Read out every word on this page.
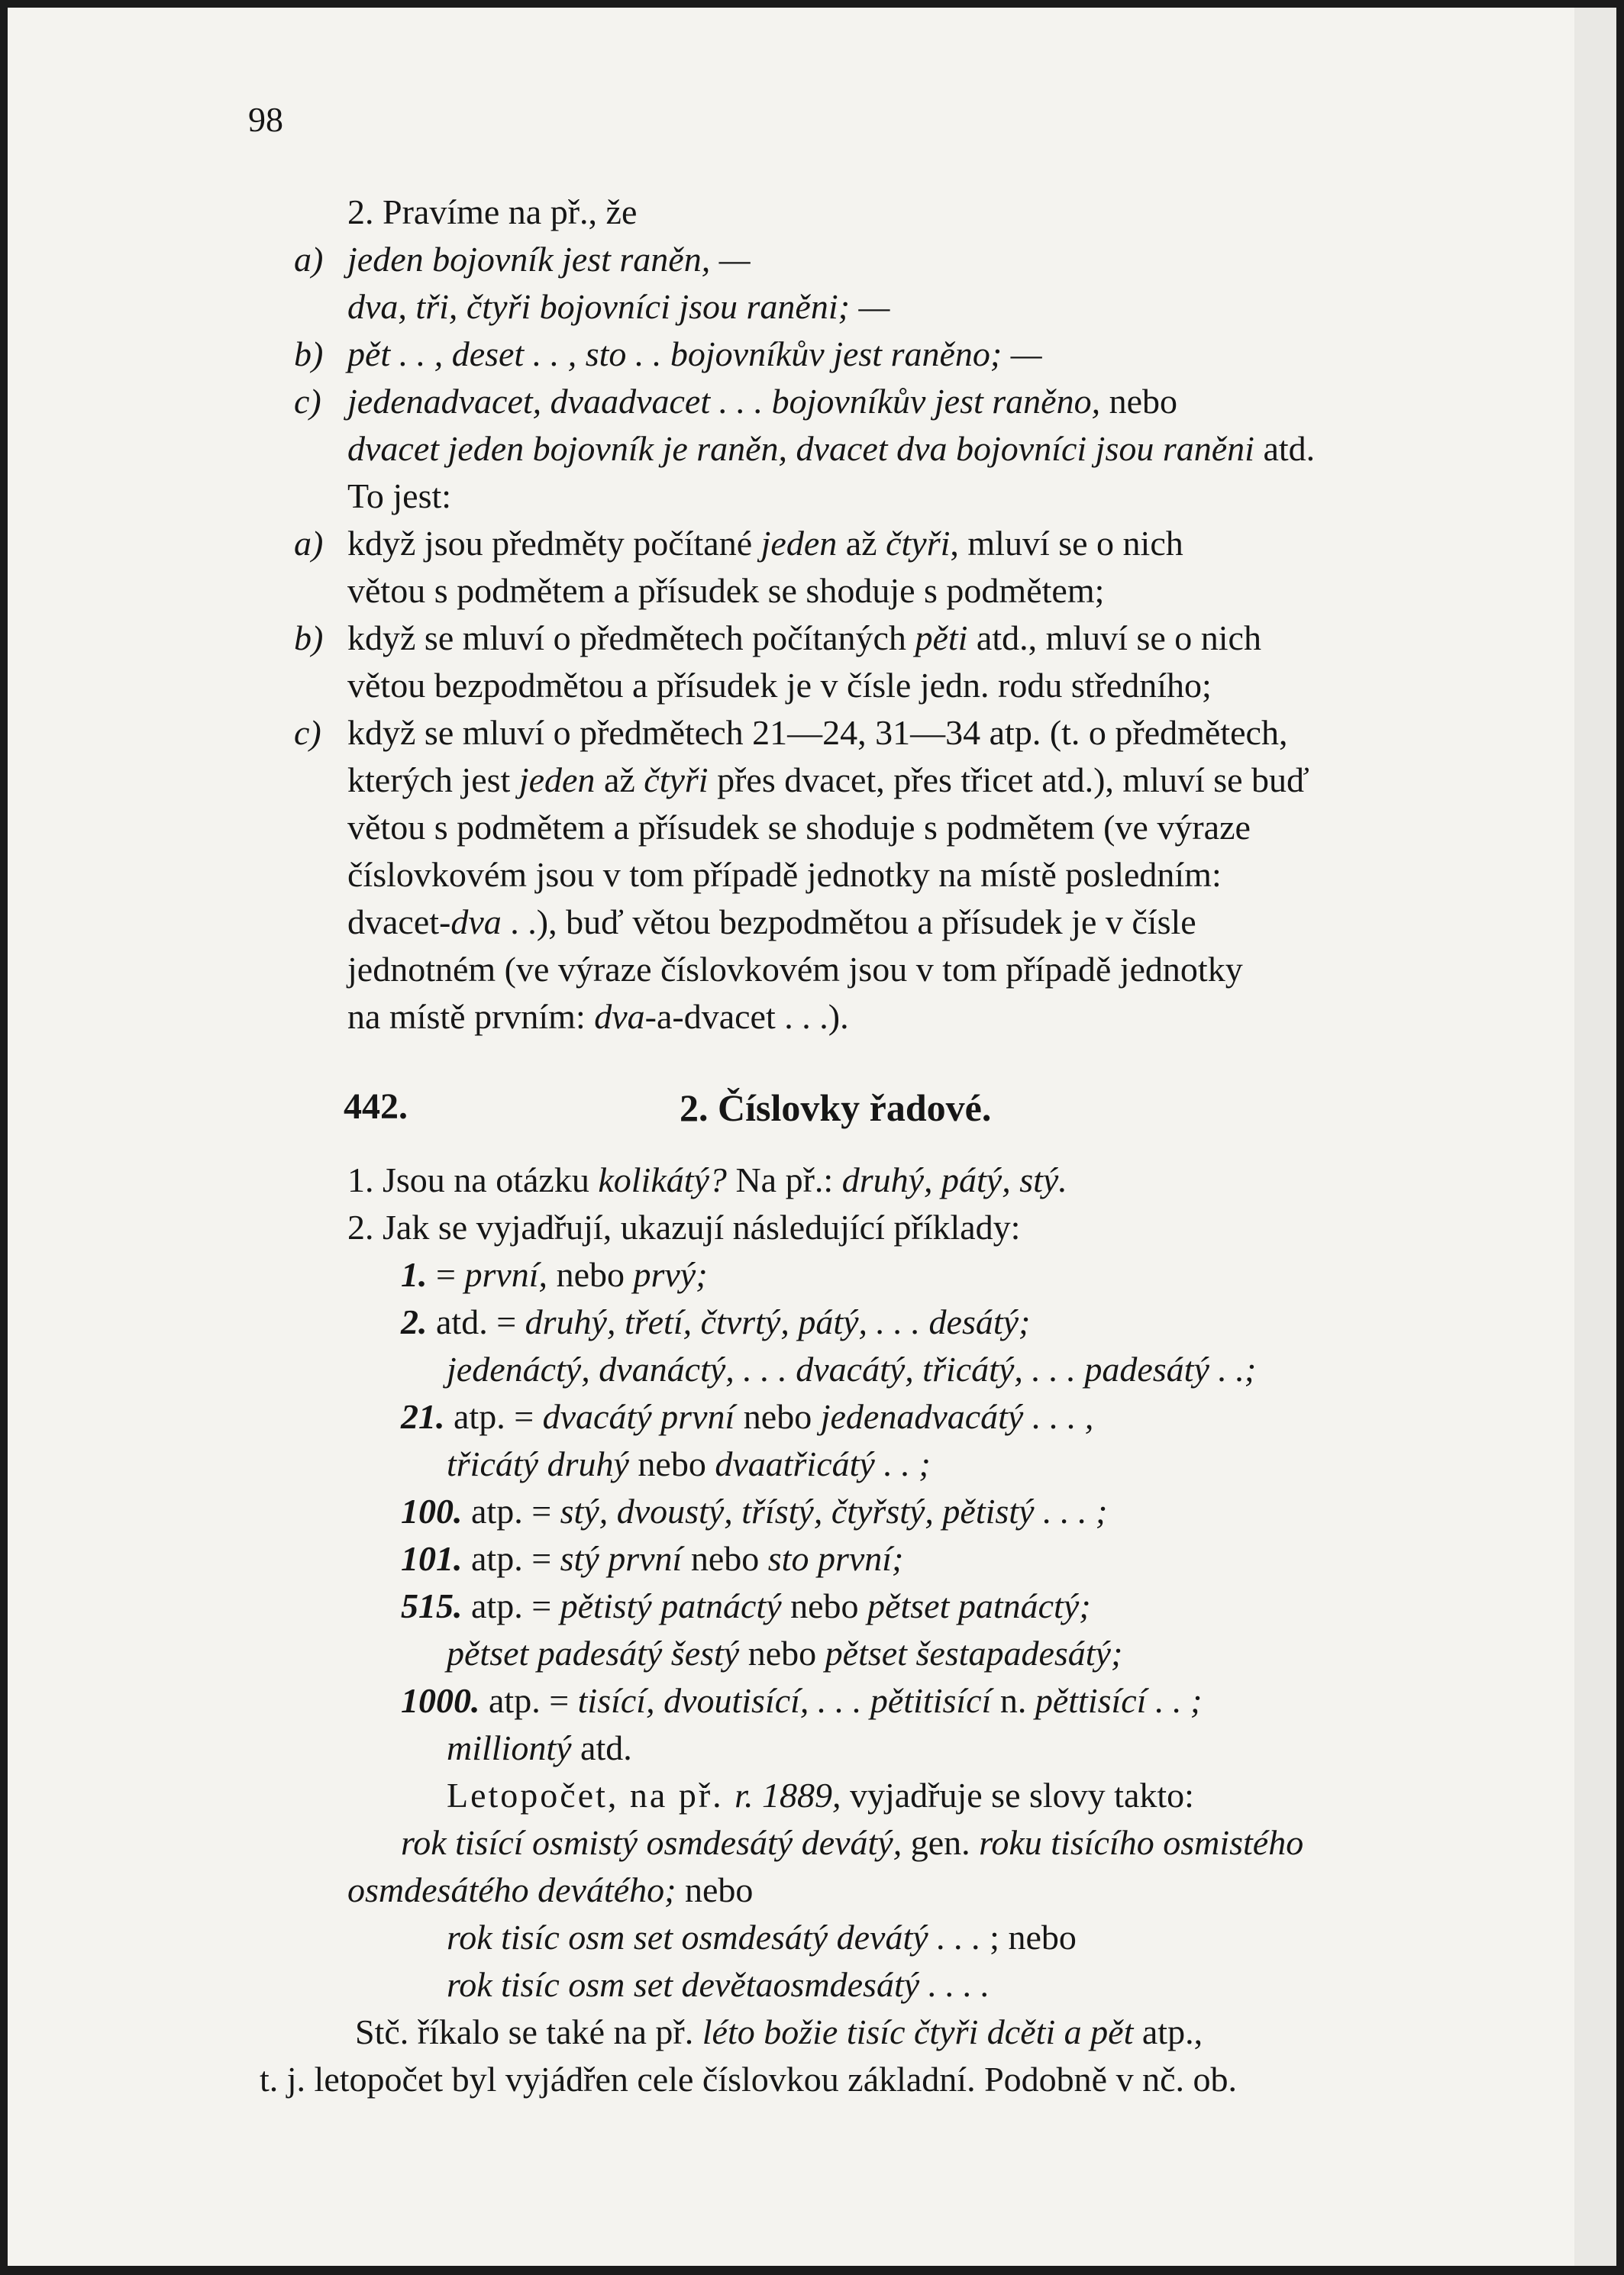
98
2. Pravíme na př., že
a) jeden bojovník jest raněn, —
dva, tři, čtyři bojovníci jsou raněni; —
b) pět . . , deset . . , sto . . bojovníkův jest raněno; —
c) jedenadvacet, dvaadvacet . . . bojovníkův jest raněno, nebo
dvacet jeden bojovník je raněn, dvacet dva bojovníci jsou raněni atd.
To jest:
a) když jsou předměty počítané jeden až čtyři, mluví se o nich
větou s podmětem a přísudek se shoduje s podmětem;
b) když se mluví o předmětech počítaných pěti atd., mluví se o nich
větou bezpodmětou a přísudek je v čísle jedn. rodu středního;
c) když se mluví o předmětech 21—24, 31—34 atp. (t. o předmětech,
kterých jest jeden až čtyři přes dvacet, přes třicet atd.), mluví se buď
větou s podmětem a přísudek se shoduje s podmětem (ve výraze
číslovkovém jsou v tom případě jednotky na místě posledním:
dvacet-dva . .), buď větou bezpodmětou a přísudek je v čísle
jednotném (ve výraze číslovkovém jsou v tom případě jednotky
na místě prvním: dva-a-dvacet . . .).
442.	2. Číslovky řadové.
1. Jsou na otázku kolikátý? Na př.: druhý, pátý, stý.
2. Jak se vyjadřují, ukazují následující příklady:
1. = první, nebo prvý;
2. atd. = druhý, třetí, čtvrtý, pátý, . . . desátý;
jedenáctý, dvanáctý, . . . dvacátý, třicátý, . . . padesátý . .;
21. atp. = dvacátý první nebo jedenadvacátý . . . ,
třicátý druhý nebo dvaatřicátý . . ;
100. atp. = stý, dvoustý, třístý, čtyřstý, pětistý . . . ;
101. atp. = stý první nebo sto první;
515. atp. = pětistý patnáctý nebo pětset patnáctý;
pětset padesátý šestý nebo pětset šestapadesátý;
1000. atp. = tisící, dvoutisící, . . . pětitisící n. pěttisící . . ;
milliontý atd.
Letopočet, na př. r. 1889, vyjadřuje se slovy takto:
rok tisící osmistý osmdesátý devátý, gen. roku tisícího osmistého
osmdesátého devátého; nebo
rok tisíc osm set osmdesátý devátý . . . ; nebo
rok tisíc osm set devětaosmdesátý . . . .
Stč. říkalo se také na př. léto božie tisíc čtyři dcěti a pět atp.,
t. j. letopočet byl vyjádřen cele číslovkou základní. Podobně v nč. ob.
